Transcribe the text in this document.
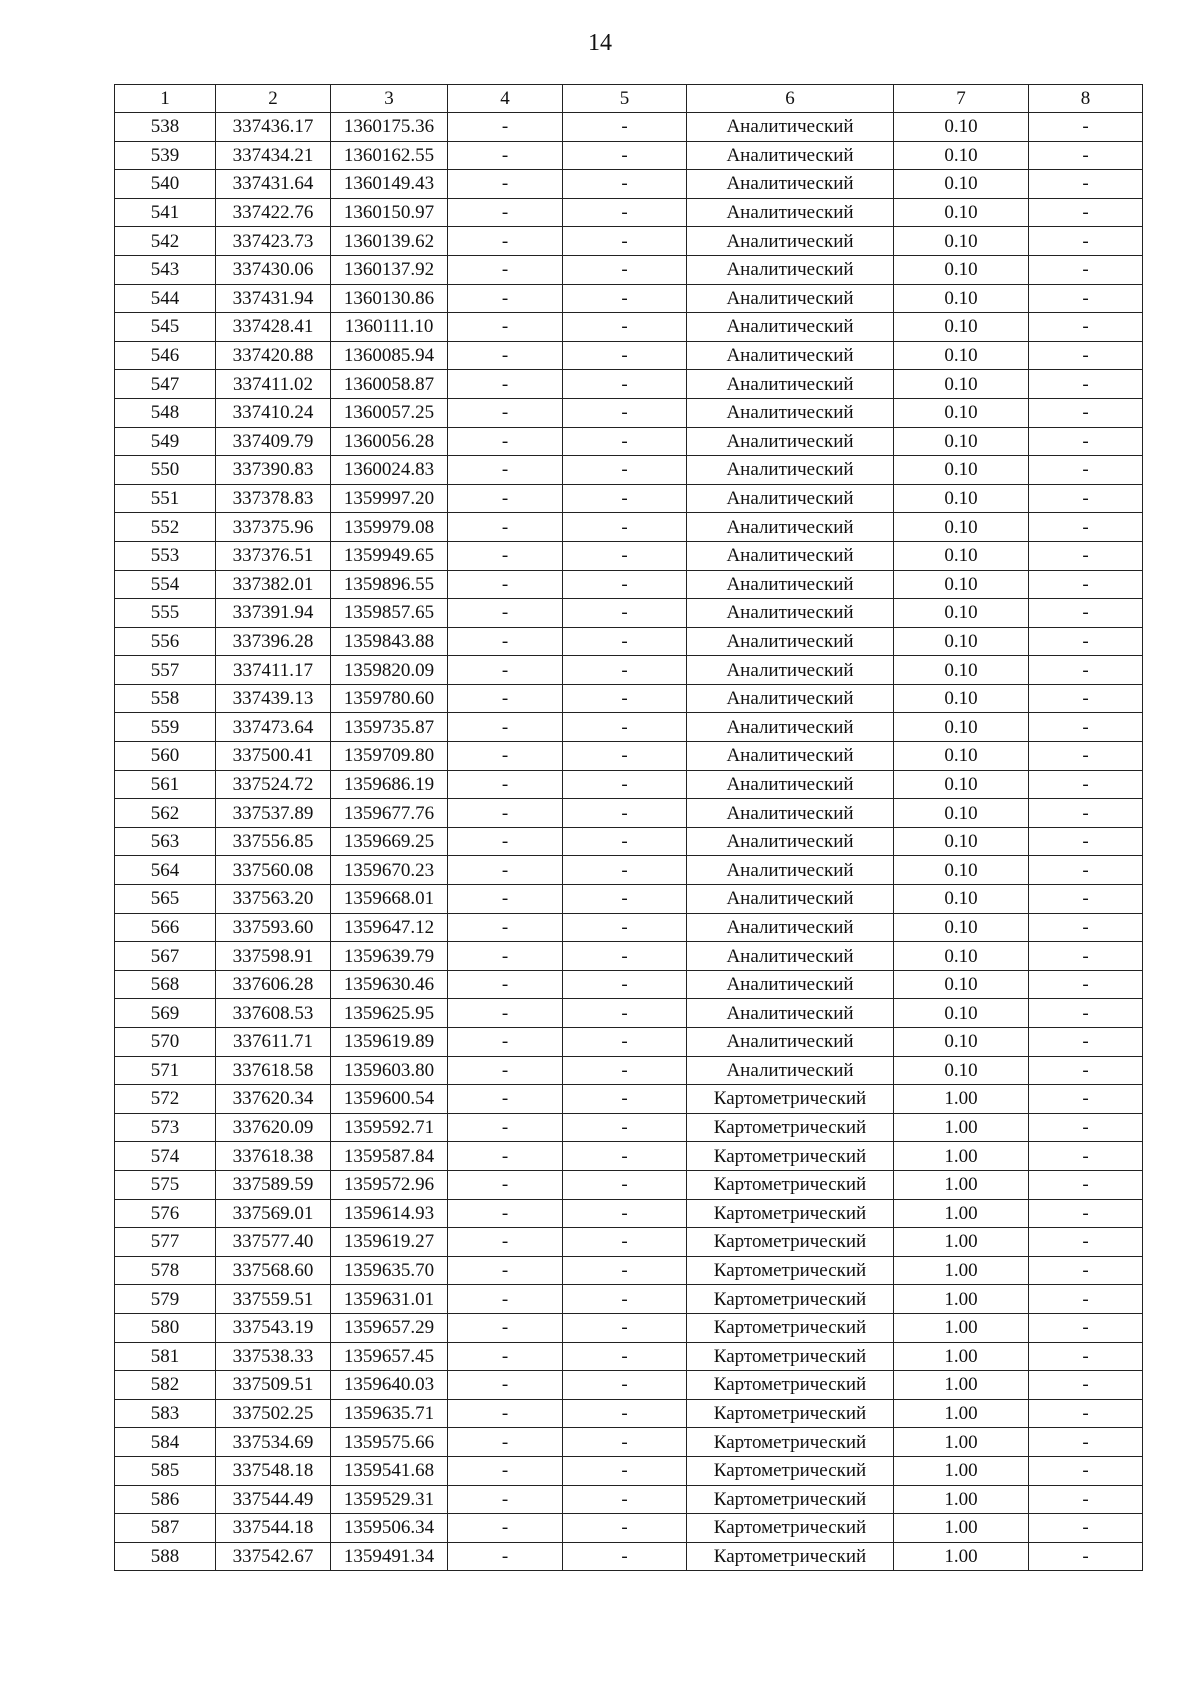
14
1	2	3	4	5	6	7	8
538	337436.17	1360175.36	-	-	Аналитический	0.10	-
539	337434.21	1360162.55	-	-	Аналитический	0.10	-
540	337431.64	1360149.43	-	-	Аналитический	0.10	-
541	337422.76	1360150.97	-	-	Аналитический	0.10	-
542	337423.73	1360139.62	-	-	Аналитический	0.10	-
543	337430.06	1360137.92	-	-	Аналитический	0.10	-
544	337431.94	1360130.86	-	-	Аналитический	0.10	-
545	337428.41	1360111.10	-	-	Аналитический	0.10	-
546	337420.88	1360085.94	-	-	Аналитический	0.10	-
547	337411.02	1360058.87	-	-	Аналитический	0.10	-
548	337410.24	1360057.25	-	-	Аналитический	0.10	-
549	337409.79	1360056.28	-	-	Аналитический	0.10	-
550	337390.83	1360024.83	-	-	Аналитический	0.10	-
551	337378.83	1359997.20	-	-	Аналитический	0.10	-
552	337375.96	1359979.08	-	-	Аналитический	0.10	-
553	337376.51	1359949.65	-	-	Аналитический	0.10	-
554	337382.01	1359896.55	-	-	Аналитический	0.10	-
555	337391.94	1359857.65	-	-	Аналитический	0.10	-
556	337396.28	1359843.88	-	-	Аналитический	0.10	-
557	337411.17	1359820.09	-	-	Аналитический	0.10	-
558	337439.13	1359780.60	-	-	Аналитический	0.10	-
559	337473.64	1359735.87	-	-	Аналитический	0.10	-
560	337500.41	1359709.80	-	-	Аналитический	0.10	-
561	337524.72	1359686.19	-	-	Аналитический	0.10	-
562	337537.89	1359677.76	-	-	Аналитический	0.10	-
563	337556.85	1359669.25	-	-	Аналитический	0.10	-
564	337560.08	1359670.23	-	-	Аналитический	0.10	-
565	337563.20	1359668.01	-	-	Аналитический	0.10	-
566	337593.60	1359647.12	-	-	Аналитический	0.10	-
567	337598.91	1359639.79	-	-	Аналитический	0.10	-
568	337606.28	1359630.46	-	-	Аналитический	0.10	-
569	337608.53	1359625.95	-	-	Аналитический	0.10	-
570	337611.71	1359619.89	-	-	Аналитический	0.10	-
571	337618.58	1359603.80	-	-	Аналитический	0.10	-
572	337620.34	1359600.54	-	-	Картометрический	1.00	-
573	337620.09	1359592.71	-	-	Картометрический	1.00	-
574	337618.38	1359587.84	-	-	Картометрический	1.00	-
575	337589.59	1359572.96	-	-	Картометрический	1.00	-
576	337569.01	1359614.93	-	-	Картометрический	1.00	-
577	337577.40	1359619.27	-	-	Картометрический	1.00	-
578	337568.60	1359635.70	-	-	Картометрический	1.00	-
579	337559.51	1359631.01	-	-	Картометрический	1.00	-
580	337543.19	1359657.29	-	-	Картометрический	1.00	-
581	337538.33	1359657.45	-	-	Картометрический	1.00	-
582	337509.51	1359640.03	-	-	Картометрический	1.00	-
583	337502.25	1359635.71	-	-	Картометрический	1.00	-
584	337534.69	1359575.66	-	-	Картометрический	1.00	-
585	337548.18	1359541.68	-	-	Картометрический	1.00	-
586	337544.49	1359529.31	-	-	Картометрический	1.00	-
587	337544.18	1359506.34	-	-	Картометрический	1.00	-
588	337542.67	1359491.34	-	-	Картометрический	1.00	-
